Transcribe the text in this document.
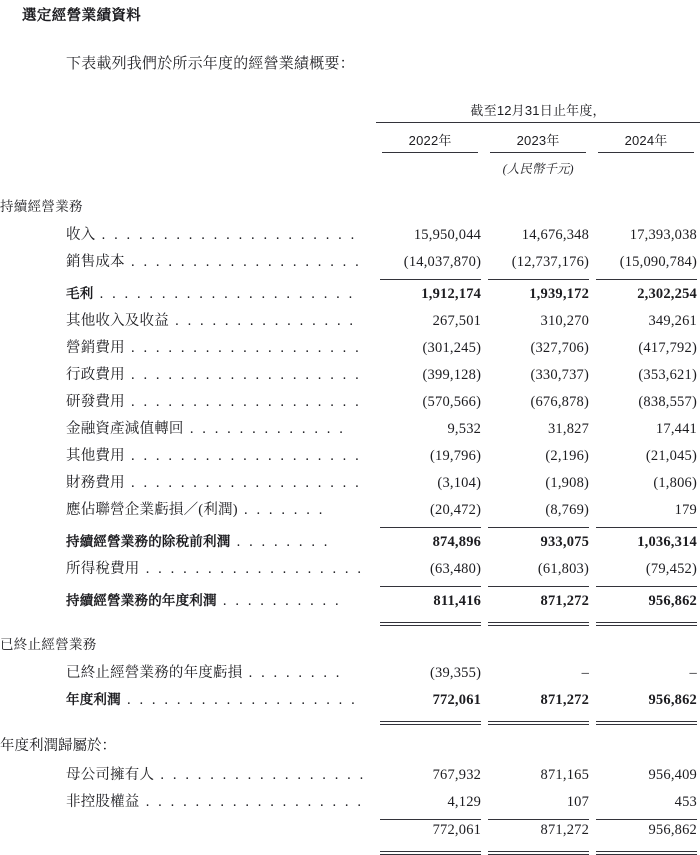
選定經營業績資料
下表載列我們於所示年度的經營業績概要：
	截至12月31日止年度，		

	2022年	2023年	2024年

	(人民幣千元)		
持續經營業務			
收入 . . . . . . . . . . . . . . . . . . . . .	15,950,044	14,676,348	17,393,038
銷售成本 . . . . . . . . . . . . . . . . . . .	(14,037,870)	(12,737,176)	(15,090,784)
毛利 . . . . . . . . . . . . . . . . . . . . .	1,912,174	1,939,172	2,302,254
其他收入及收益 . . . . . . . . . . . . . . .	267,501	310,270	349,261
營銷費用 . . . . . . . . . . . . . . . . . . .	(301,245)	(327,706)	(417,792)
行政費用 . . . . . . . . . . . . . . . . . . .	(399,128)	(330,737)	(353,621)
研發費用 . . . . . . . . . . . . . . . . . . .	(570,566)	(676,878)	(838,557)
金融資產減值轉回 . . . . . . . . . . . . .	9,532	31,827	17,441
其他費用 . . . . . . . . . . . . . . . . . . .	(19,796)	(2,196)	(21,045)
財務費用 . . . . . . . . . . . . . . . . . . .	(3,104)	(1,908)	(1,806)
應佔聯營企業虧損／(利潤) . . . . . . .	(20,472)	(8,769)	179
持續經營業務的除稅前利潤 . . . . . . . .	874,896	933,075	1,036,314
所得稅費用 . . . . . . . . . . . . . . . . . .	(63,480)	(61,803)	(79,452)
持續經營業務的年度利潤 . . . . . . . . . .	811,416	871,272	956,862
已終止經營業務			
已終止經營業務的年度虧損 . . . . . . . .	(39,355)	–	–
年度利潤 . . . . . . . . . . . . . . . . . . .	772,061	871,272	956,862
年度利潤歸屬於：			
母公司擁有人 . . . . . . . . . . . . . . . . .	767,932	871,165	956,409
非控股權益 . . . . . . . . . . . . . . . . . .	4,129	107	453
	772,061	871,272	956,862
